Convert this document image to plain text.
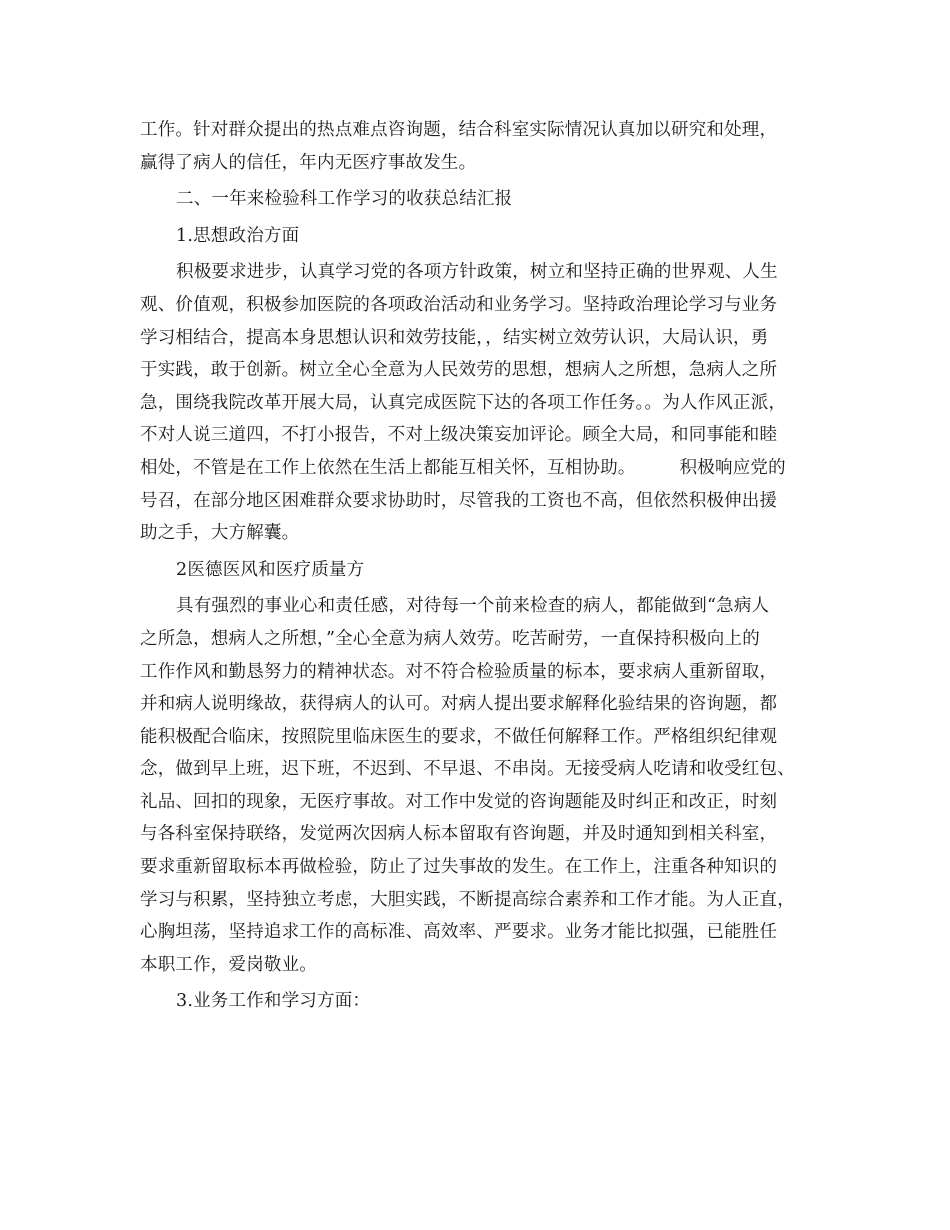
工作。针对群众提出的热点难点咨询题，结合科室实际情况认真加以研究和处理，
赢得了病人的信任，年内无医疗事故发生。
二、一年来检验科工作学习的收获总结汇报
1.思想政治方面
积极要求进步，认真学习党的各项方针政策，树立和坚持正确的世界观、人生
观、价值观，积极参加医院的各项政治活动和业务学习。坚持政治理论学习与业务
学习相结合，提高本身思想认识和效劳技能，，结实树立效劳认识，大局认识，勇
于实践，敢于创新。树立全心全意为人民效劳的思想，想病人之所想，急病人之所
急，围绕我院改革开展大局，认真完成医院下达的各项工作任务。。为人作风正派，
不对人说三道四，不打小报告，不对上级决策妄加评论。顾全大局，和同事能和睦
相处，不管是在工作上依然在生活上都能互相关怀，互相协助。	积极响应党的
号召，在部分地区困难群众要求协助时，尽管我的工资也不高，但依然积极伸出援
助之手，大方解囊。
2医德医风和医疗质量方
具有强烈的事业心和责任感，对待每一个前来检查的病人，都能做到“急病人
之所急，想病人之所想，”全心全意为病人效劳。吃苦耐劳，一直保持积极向上的
工作作风和勤恳努力的精神状态。对不符合检验质量的标本，要求病人重新留取，
并和病人说明缘故，获得病人的认可。对病人提出要求解释化验结果的咨询题，都
能积极配合临床，按照院里临床医生的要求，不做任何解释工作。严格组织纪律观
念，做到早上班，迟下班，不迟到、不早退、不串岗。无接受病人吃请和收受红包、
礼品、回扣的现象，无医疗事故。对工作中发觉的咨询题能及时纠正和改正，时刻
与各科室保持联络，发觉两次因病人标本留取有咨询题，并及时通知到相关科室，
要求重新留取标本再做检验，防止了过失事故的发生。在工作上，注重各种知识的
学习与积累，坚持独立考虑，大胆实践，不断提高综合素养和工作才能。为人正直，
心胸坦荡，坚持追求工作的高标准、高效率、严要求。业务才能比拟强，已能胜任
本职工作，爱岗敬业。
3.业务工作和学习方面：
